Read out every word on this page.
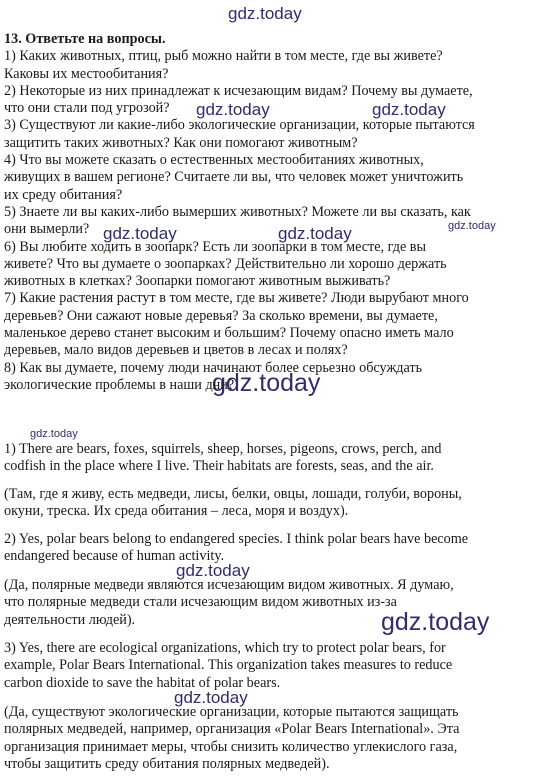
gdz.today
gdz.today	gdz.today
gdz.today	gdz.today	gdz.today
gdz.today
gdz.today
gdz.today
gdz.today
gdz.today
13. Ответьте на вопросы.
1) Каких животных, птиц, рыб можно найти в том месте, где вы живете?
Каковы их местообитания?
2) Некоторые из них принадлежат к исчезающим видам? Почему вы думаете,
что они стали под угрозой?
3) Существуют ли какие-либо экологические организации, которые пытаются
защитить таких животных? Как они помогают животным?
4) Что вы можете сказать о естественных местообитаниях животных,
живущих в вашем регионе? Считаете ли вы, что человек может уничтожить
их среду обитания?
5) Знаете ли вы каких-либо вымерших животных? Можете ли вы сказать, как
они вымерли?
6) Вы любите ходить в зоопарк? Есть ли зоопарки в том месте, где вы
живете? Что вы думаете о зоопарках? Действительно ли хорошо держать
животных в клетках? Зоопарки помогают животным выживать?
7) Какие растения растут в том месте, где вы живете? Люди вырубают много
деревьев? Они сажают новые деревья? За сколько времени, вы думаете,
маленькое дерево станет высоким и большим? Почему опасно иметь мало
деревьев, мало видов деревьев и цветов в лесах и полях?
8) Как вы думаете, почему люди начинают более серьезно обсуждать
экологические проблемы в наши дни?
1) There are bears, foxes, squirrels, sheep, horses, pigeons, crows, perch, and
codfish in the place where I live. Their habitats are forests, seas, and the air.
(Там, где я живу, есть медведи, лисы, белки, овцы, лошади, голуби, вороны,
окуни, треска. Их среда обитания – леса, моря и воздух).
2) Yes, polar bears belong to endangered species. I think polar bears have become
endangered because of human activity.
(Да, полярные медведи являются исчезающим видом животных. Я думаю,
что полярные медведи стали исчезающим видом животных из-за
деятельности людей).
3) Yes, there are ecological organizations, which try to protect polar bears, for
example, Polar Bears International. This organization takes measures to reduce
carbon dioxide to save the habitat of polar bears.
(Да, существуют экологические организации, которые пытаются защищать
полярных медведей, например, организация «Polar Bears International». Эта
организация принимает меры, чтобы снизить количество углекислого газа,
чтобы защитить среду обитания полярных медведей).
